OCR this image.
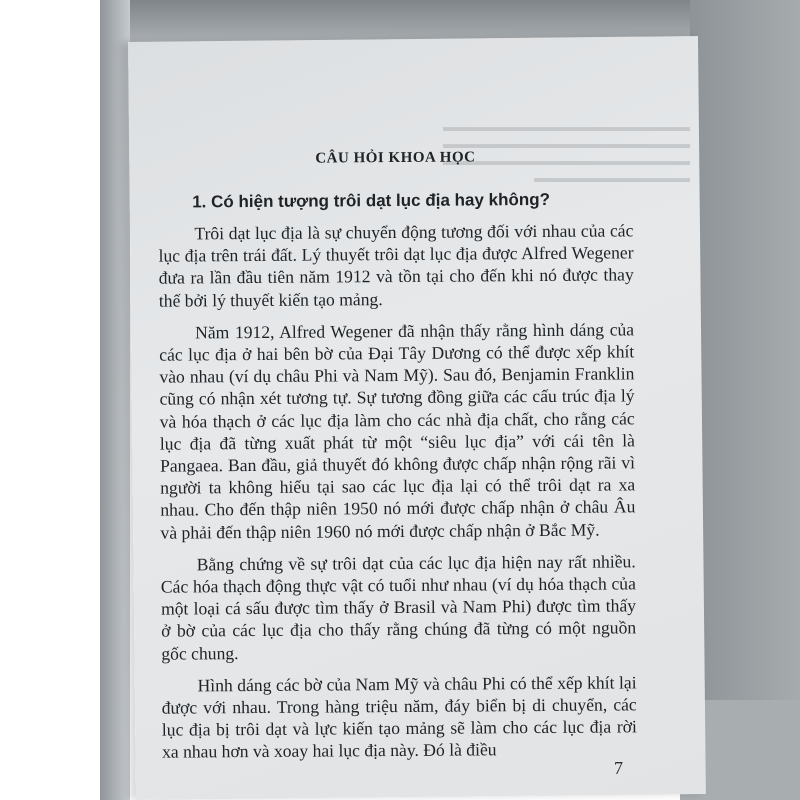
▬▬▬▬▬▬▬▬▬▬▬▬▬▬▬▬▬▬▬
▬▬▬▬▬▬▬▬▬▬▬▬▬▬▬▬▬▬▬
▬▬▬▬▬▬▬▬▬▬▬▬▬▬▬▬▬▬▬
▬▬▬▬▬▬▬▬▬▬▬▬
CÂU HỎI KHOA HỌC
1. Có hiện tượng trôi dạt lục địa hay không?

Trôi dạt lục địa là sự chuyển động tương đối với nhau của các lục địa trên trái đất. Lý thuyết trôi dạt lục địa được Alfred Wegener đưa ra lần đầu tiên năm 1912 và tồn tại cho đến khi nó được thay thế bởi lý thuyết kiến tạo mảng.

Năm 1912, Alfred Wegener đã nhận thấy rằng hình dáng của các lục địa ở hai bên bờ của Đại Tây Dương có thể được xếp khít vào nhau (ví dụ châu Phi và Nam Mỹ). Sau đó, Benjamin Franklin cũng có nhận xét tương tự. Sự tương đồng giữa các cấu trúc địa lý và hóa thạch ở các lục địa làm cho các nhà địa chất, cho rằng các lục địa đã từng xuất phát từ một “siêu lục địa” với cái tên là Pangaea. Ban đầu, giả thuyết đó không được chấp nhận rộng rãi vì người ta không hiểu tại sao các lục địa lại có thể trôi dạt ra xa nhau. Cho đến thập niên 1950 nó mới được chấp nhận ở châu Âu và phải đến thập niên 1960 nó mới được chấp nhận ở Bắc Mỹ.

Bằng chứng về sự trôi dạt của các lục địa hiện nay rất nhiều. Các hóa thạch động thực vật có tuổi như nhau (ví dụ hóa thạch của một loại cá sấu được tìm thấy ở Brasil và Nam Phi) được tìm thấy ở bờ của các lục địa cho thấy rằng chúng đã từng có một nguồn gốc chung.

Hình dáng các bờ của Nam Mỹ và châu Phi có thể xếp khít lại được với nhau. Trong hàng triệu năm, đáy biển bị di chuyển, các lục địa bị trôi dạt và lực kiến tạo mảng sẽ làm cho các lục địa rời xa nhau hơn và xoay hai lục địa này. Đó là điều

7
